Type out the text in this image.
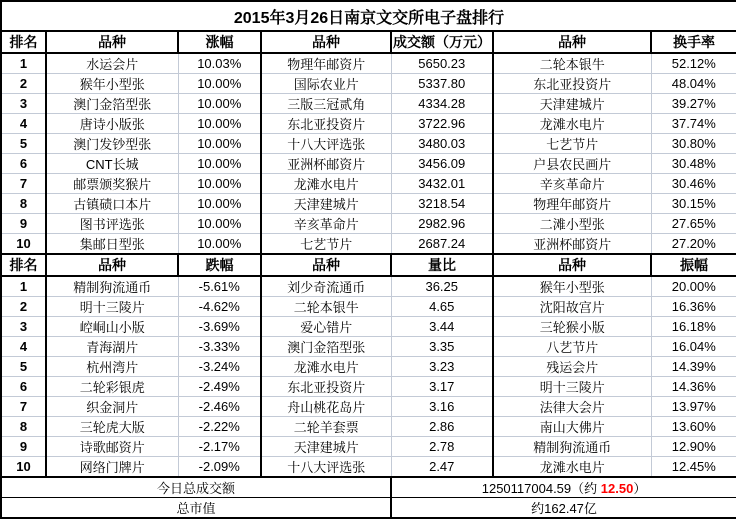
2015年3月26日南京文交所电子盘排行						
排名	品种	涨幅	品种	成交额（万元）	品种	换手率
1	水运会片	10.03%	物理年邮资片	5650.23	二轮本银牛	52.12%
2	猴年小型张	10.00%	国际农业片	5337.80	东北亚投资片	48.04%
3	澳门金箔型张	10.00%	三版三冠贰角	4334.28	天津建城片	39.27%
4	唐诗小版张	10.00%	东北亚投资片	3722.96	龙滩水电片	37.74%
5	澳门发钞型张	10.00%	十八大评选张	3480.03	七艺节片	30.80%
6	CNT长城	10.00%	亚洲杯邮资片	3456.09	户县农民画片	30.48%
7	邮票颁奖猴片	10.00%	龙滩水电片	3432.01	辛亥革命片	30.46%
8	古镇碛口本片	10.00%	天津建城片	3218.54	物理年邮资片	30.15%
9	图书评选张	10.00%	辛亥革命片	2982.96	二滩小型张	27.65%
10	集邮日型张	10.00%	七艺节片	2687.24	亚洲杯邮资片	27.20%
排名	品种	跌幅	品种	量比	品种	振幅
1	精制狗流通币	-5.61%	刘少奇流通币	36.25	猴年小型张	20.00%
2	明十三陵片	-4.62%	二轮本银牛	4.65	沈阳故宫片	16.36%
3	崆峒山小版	-3.69%	爱心错片	3.44	三轮猴小版	16.18%
4	青海湖片	-3.33%	澳门金箔型张	3.35	八艺节片	16.04%
5	杭州湾片	-3.24%	龙滩水电片	3.23	残运会片	14.39%
6	二轮彩银虎	-2.49%	东北亚投资片	3.17	明十三陵片	14.36%
7	织金洞片	-2.46%	舟山桃花岛片	3.16	法律大会片	13.97%
8	三轮虎大版	-2.22%	二轮羊套票	2.86	南山大佛片	13.60%
9	诗歌邮资片	-2.17%	天津建城片	2.78	精制狗流通币	12.90%
10	网络门牌片	-2.09%	十八大评选张	2.47	龙滩水电片	12.45%
今日总成交额				1250117004.59（约 12.50）		
总市值				约162.47亿		
